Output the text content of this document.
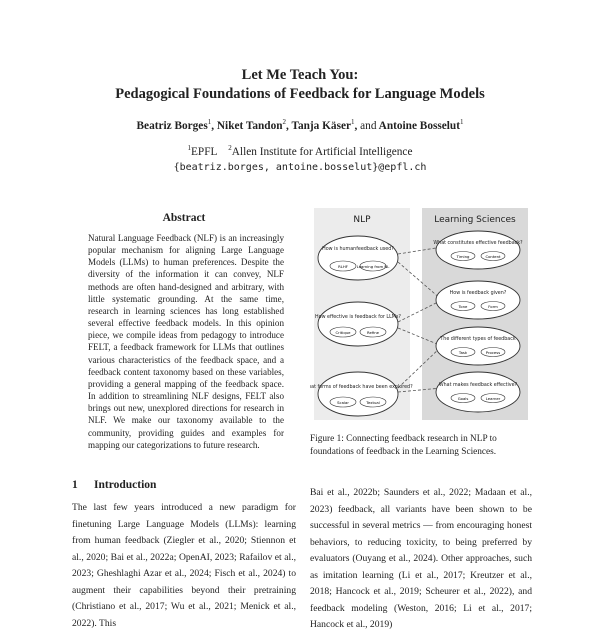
Let Me Teach You:
Pedagogical Foundations of Feedback for Language Models
Beatriz Borges$^1$, Niket Tandon$^2$, Tanja Käser$^1$, and Antoine Bosselut$^1$
$^1$EPFL $^2$Allen Institute for Artificial Intelligence
{beatriz.borges, antoine.bosselut}@epfl.ch
Abstract
Natural Language Feedback (NLF) is an increasingly popular mechanism for aligning Large Language Models (LLMs) to human preferences. Despite the diversity of the information it can convey, NLF methods are often hand-designed and arbitrary, with little systematic grounding. At the same time, research in learning sciences has long established several effective feedback models. In this opinion piece, we compile ideas from pedagogy to introduce FELT, a feedback framework for LLMs that outlines various characteristics of the feedback space, and a feedback content taxonomy based on these variables, providing a general mapping of the feedback space. In addition to streamlining NLF designs, FELT also brings out new, unexplored directions for research in NLF. We make our taxonomy available to the community, providing guides and examples for mapping our categorizations to future research.
1 Introduction
The last few years introduced a new paradigm for finetuning Large Language Models (LLMs): learning from human feedback (Ziegler et al., 2020; Stiennon et al., 2020; Bai et al., 2022a; OpenAI, 2023; Rafailov et al., 2023; Gheshlaghi Azar et al., 2024; Fisch et al., 2024) to augment their capabilities beyond their pretraining (Christiano et al., 2017; Wu et al., 2021; Menick et al., 2022). This
Bai et al., 2022b; Saunders et al., 2022; Madaan et al., 2023) feedback, all variants have been shown to be successful in several metrics — from encouraging honest behaviors, to reducing toxicity, to being preferred by evaluators (Ouyang et al., 2024). Other approaches, such as imitation learning (Li et al., 2017; Kreutzer et al., 2018; Hancock et al., 2019; Scheurer et al., 2022), and feedback modeling (Weston, 2016; Li et al., 2017; Hancock et al., 2019)
NLP	Learning Sciences
How is humanfeedback used?
RLHF Learning from NL
How effective is feedback for LLMs?
Critique	Refine
What forms of feedback have been explored?
Scalar	Textual
What constitutes effective feedback?
Timing	Content
How is feedback given?
Tone	Form
The different types of feedback
Task	Process
What makes feedback effective?
Goals	Learner
Figure 1: Connecting feedback research in NLP to foundations of feedback in the Learning Sciences.
